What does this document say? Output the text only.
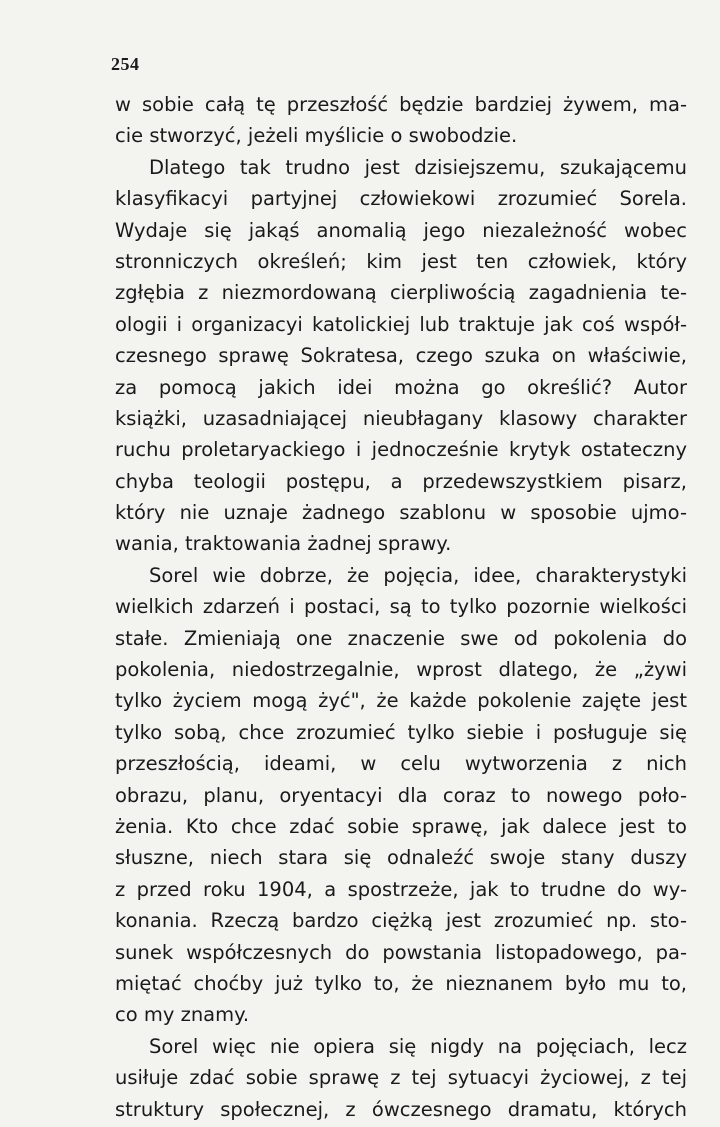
254
w sobie całą tę przeszłość będzie bardziej żywem, ma-
cie stworzyć, jeżeli myślicie o swobodzie.
Dlatego tak trudno jest dzisiejszemu, szukającemu
klasyfikacyi partyjnej człowiekowi zrozumieć Sorela.
Wydaje się jakąś anomalią jego niezależność wobec
stronniczych określeń; kim jest ten człowiek, który
zgłębia z niezmordowaną cierpliwością zagadnienia te-
ologii i organizacyi katolickiej lub traktuje jak coś współ-
czesnego sprawę Sokratesa, czego szuka on właściwie,
za pomocą jakich idei można go określić? Autor
książki, uzasadniającej nieubłagany klasowy charakter
ruchu proletaryackiego i jednocześnie krytyk ostateczny
chyba teologii postępu, a przedewszystkiem pisarz,
który nie uznaje żadnego szablonu w sposobie ujmo-
wania, traktowania żadnej sprawy.
Sorel wie dobrze, że pojęcia, idee, charakterystyki
wielkich zdarzeń i postaci, są to tylko pozornie wielkości
stałe. Zmieniają one znaczenie swe od pokolenia do
pokolenia, niedostrzegalnie, wprost dlatego, że „żywi
tylko życiem mogą żyć", że każde pokolenie zajęte jest
tylko sobą, chce zrozumieć tylko siebie i posługuje się
przeszłością, ideami, w celu wytworzenia z nich
obrazu, planu, oryentacyi dla coraz to nowego poło-
żenia. Kto chce zdać sobie sprawę, jak dalece jest to
słuszne, niech stara się odnaleźć swoje stany duszy
z przed roku 1904, a spostrzeże, jak to trudne do wy-
konania. Rzeczą bardzo ciężką jest zrozumieć np. sto-
sunek współczesnych do powstania listopadowego, pa-
miętać choćby już tylko to, że nieznanem było mu to,
co my znamy.
Sorel więc nie opiera się nigdy na pojęciach, lecz
usiłuje zdać sobie sprawę z tej sytuacyi życiowej, z tej
struktury społecznej, z ówczesnego dramatu, których
